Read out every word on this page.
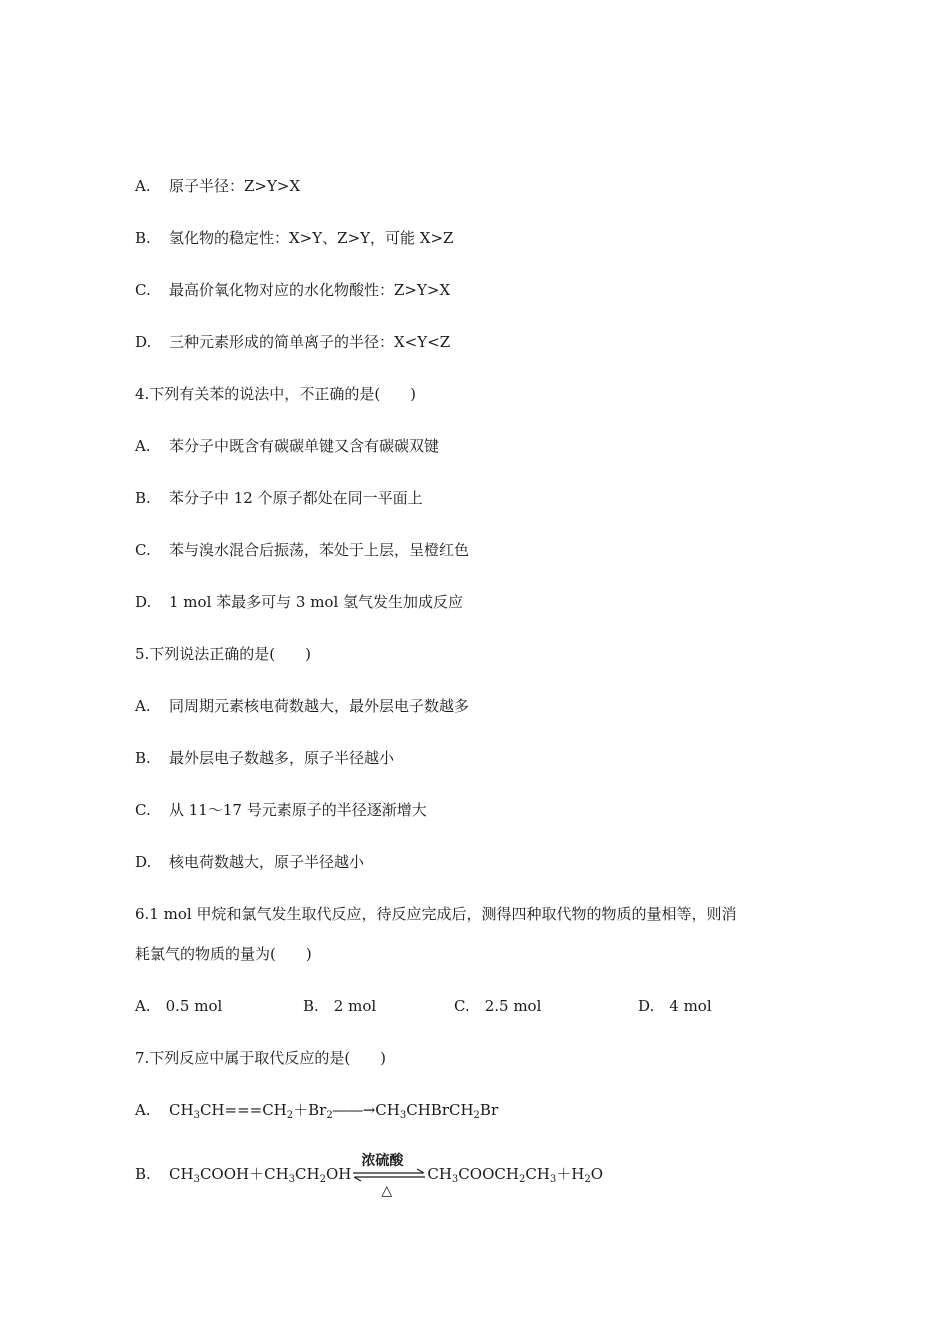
A. 原子半径：Z>Y>X
B. 氢化物的稳定性：X>Y、Z>Y，可能 X>Z
C. 最高价氧化物对应的水化物酸性：Z>Y>X
D. 三种元素形成的简单离子的半径：X<Y<Z
4.下列有关苯的说法中，不正确的是(　　)
A. 苯分子中既含有碳碳单键又含有碳碳双键
B. 苯分子中 12 个原子都处在同一平面上
C. 苯与溴水混合后振荡，苯处于上层，呈橙红色
D. 1 mol 苯最多可与 3 mol 氢气发生加成反应
5.下列说法正确的是(　　)
A. 同周期元素核电荷数越大，最外层电子数越多
B. 最外层电子数越多，原子半径越小
C. 从 11～17 号元素原子的半径逐渐增大
D. 核电荷数越大，原子半径越小
6.1 mol 甲烷和氯气发生取代反应，待反应完成后，测得四种取代物的物质的量相等，则消
耗氯气的物质的量为(　　)
A.　0.5 mol	B.　2 mol	C.　2.5 mol	D.　4 mol
7.下列反应中属于取代反应的是(　　)
A. $CH_3CH===CH_2+Br_2――\to CH_3CHBrCH_2Br$
B. $CH_3COOH+CH_3CH_2OH$
浓硫酸
△
$CH_3COOCH_2CH_3+H_2O$
